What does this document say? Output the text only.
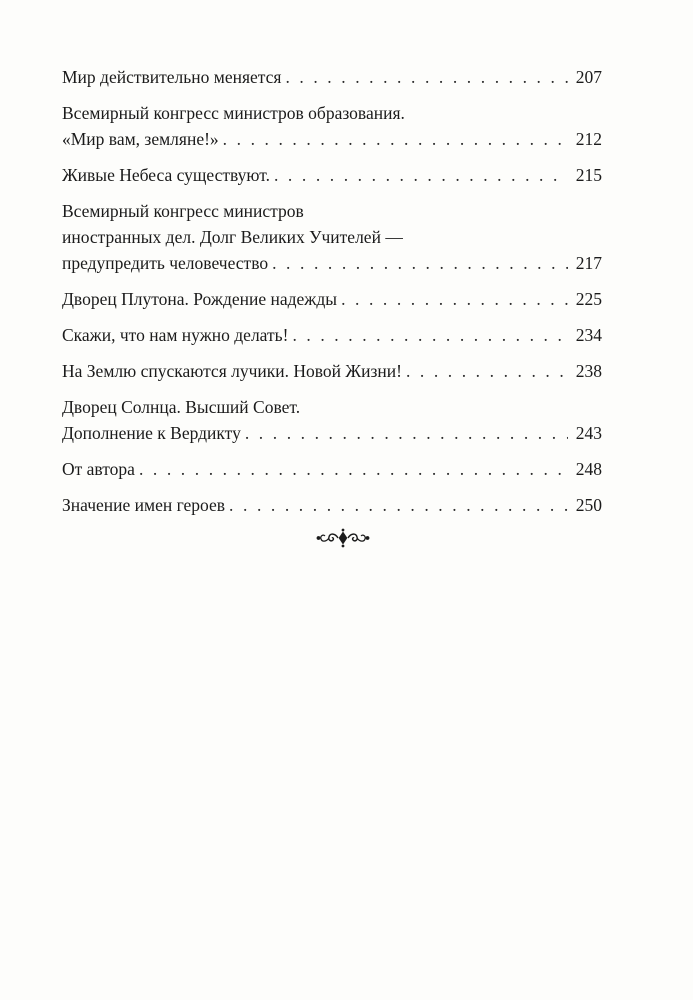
Мир действительно меняется . . .	207
Всемирный конгресс министров образования.
«Мир вам, земляне!» . . .	212
Живые Небеса существуют. . . .	215
Всемирный конгресс министров
иностранных дел. Долг Великих Учителей —
предупредить человечество . . .	217
Дворец Плутона. Рождение надежды . . .	225
Скажи, что нам нужно делать! . . .	234
На Землю спускаются лучики. Новой Жизни! . . .	238
Дворец Солнца. Высший Совет.
Дополнение к Вердикту . . .	243
От автора . . .	248
Значение имен героев . . .	250
